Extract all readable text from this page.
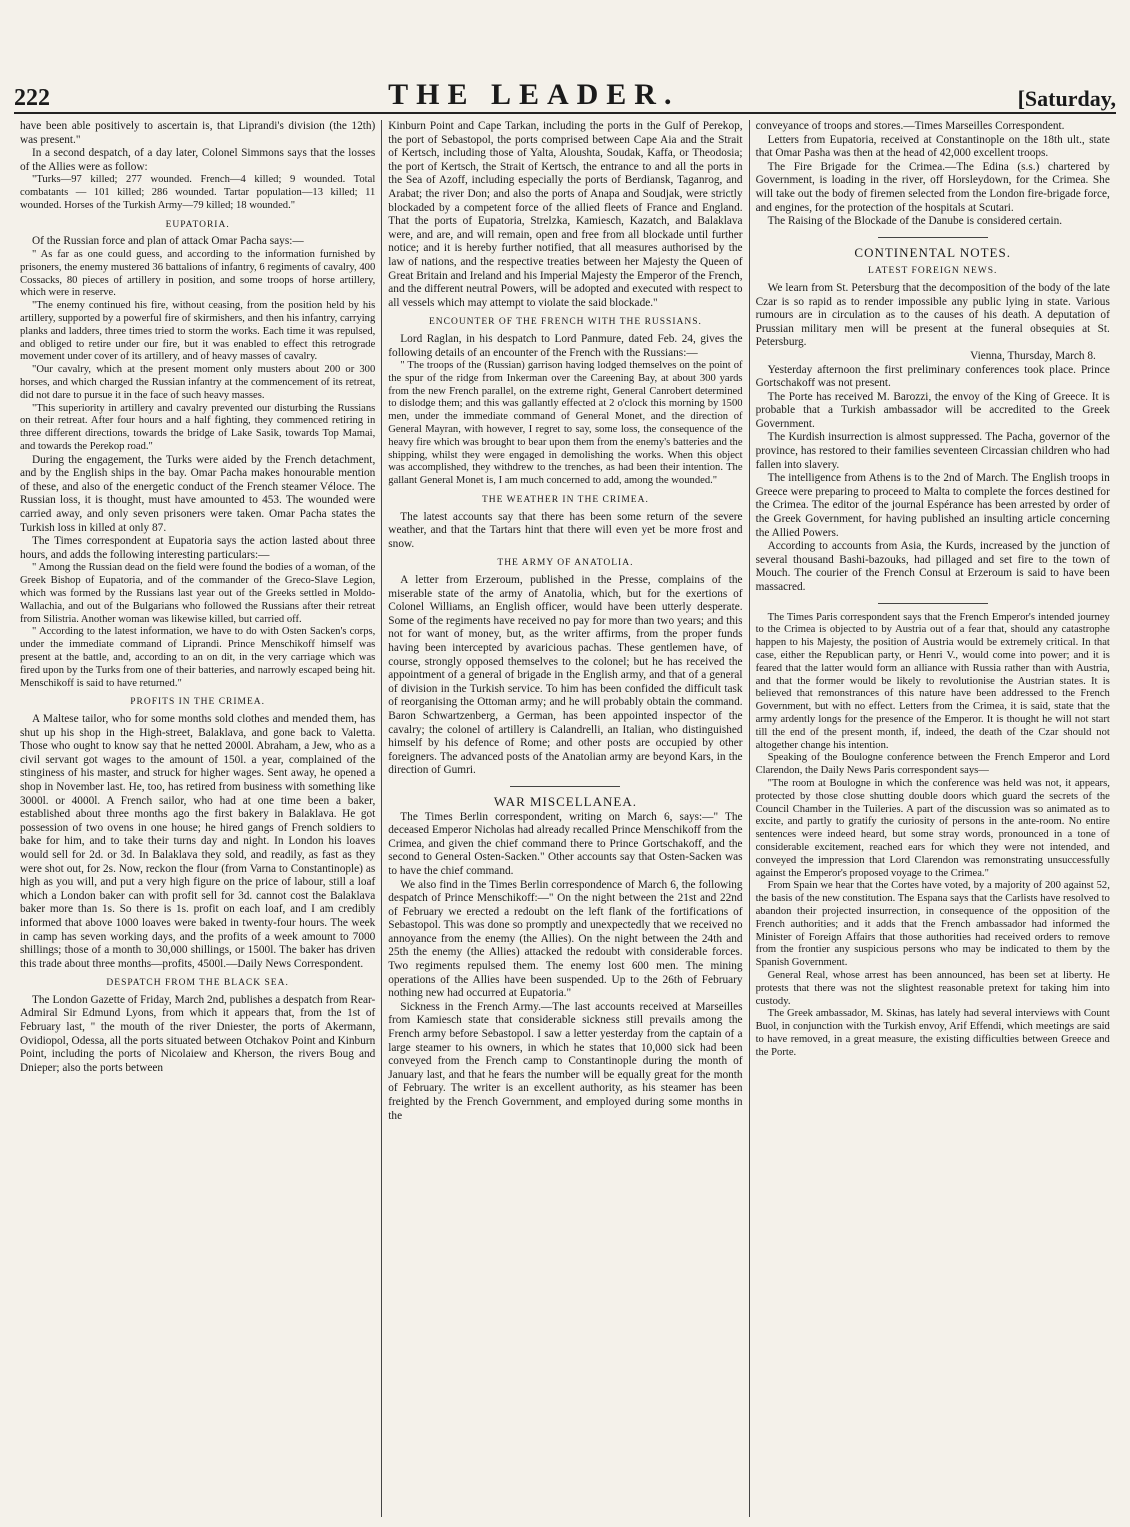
222	THE LEADER.	[Saturday,

have been able positively to ascertain is, that Liprandi's division (the 12th) was present."

In a second despatch, of a day later, Colonel Simmons says that the losses of the Allies were as follow:

"Turks—97 killed; 277 wounded. French—4 killed; 9 wounded. Total combatants — 101 killed; 286 wounded. Tartar population—13 killed; 11 wounded. Horses of the Turkish Army—79 killed; 18 wounded."

EUPATORIA.

Of the Russian force and plan of attack Omar Pacha says:—

" As far as one could guess, and according to the information furnished by prisoners, the enemy mustered 36 battalions of infantry, 6 regiments of cavalry, 400 Cossacks, 80 pieces of artillery in position, and some troops of horse artillery, which were in reserve.

"The enemy continued his fire, without ceasing, from the position held by his artillery, supported by a powerful fire of skirmishers, and then his infantry, carrying planks and ladders, three times tried to storm the works. Each time it was repulsed, and obliged to retire under our fire, but it was enabled to effect this retrograde movement under cover of its artillery, and of heavy masses of cavalry.

"Our cavalry, which at the present moment only musters about 200 or 300 horses, and which charged the Russian infantry at the commencement of its retreat, did not dare to pursue it in the face of such heavy masses.

"This superiority in artillery and cavalry prevented our disturbing the Russians on their retreat. After four hours and a half fighting, they commenced retiring in three different directions, towards the bridge of Lake Sasik, towards Top Mamai, and towards the Perekop road."

During the engagement, the Turks were aided by the French detachment, and by the English ships in the bay. Omar Pacha makes honourable mention of these, and also of the energetic conduct of the French steamer Véloce. The Russian loss, it is thought, must have amounted to 453. The wounded were carried away, and only seven prisoners were taken. Omar Pacha states the Turkish loss in killed at only 87.

The Times correspondent at Eupatoria says the action lasted about three hours, and adds the following interesting particulars:—

" Among the Russian dead on the field were found the bodies of a woman, of the Greek Bishop of Eupatoria, and of the commander of the Greco-Slave Legion, which was formed by the Russians last year out of the Greeks settled in Moldo-Wallachia, and out of the Bulgarians who followed the Russians after their retreat from Silistria. Another woman was likewise killed, but carried off.

" According to the latest information, we have to do with Osten Sacken's corps, under the immediate command of Liprandi. Prince Menschikoff himself was present at the battle, and, according to an on dit, in the very carriage which was fired upon by the Turks from one of their batteries, and narrowly escaped being hit. Menschikoff is said to have returned."

PROFITS IN THE CRIMEA.

A Maltese tailor, who for some months sold clothes and mended them, has shut up his shop in the High-street, Balaklava, and gone back to Valetta. Those who ought to know say that he netted 2000l. Abraham, a Jew, who as a civil servant got wages to the amount of 150l. a year, complained of the stinginess of his master, and struck for higher wages. Sent away, he opened a shop in November last. He, too, has retired from business with something like 3000l. or 4000l. A French sailor, who had at one time been a baker, established about three months ago the first bakery in Balaklava. He got possession of two ovens in one house; he hired gangs of French soldiers to bake for him, and to take their turns day and night. In London his loaves would sell for 2d. or 3d. In Balaklava they sold, and readily, as fast as they were shot out, for 2s. Now, reckon the flour (from Varna to Constantinople) as high as you will, and put a very high figure on the price of labour, still a loaf which a London baker can with profit sell for 3d. cannot cost the Balaklava baker more than 1s. So there is 1s. profit on each loaf, and I am credibly informed that above 1000 loaves were baked in twenty-four hours. The week in camp has seven working days, and the profits of a week amount to 7000 shillings; those of a month to 30,000 shillings, or 1500l. The baker has driven this trade about three months—profits, 4500l.—Daily News Correspondent.

DESPATCH FROM THE BLACK SEA.

The London Gazette of Friday, March 2nd, publishes a despatch from Rear-Admiral Sir Edmund Lyons, from which it appears that, from the 1st of February last, " the mouth of the river Dniester, the ports of Akermann, Ovidiopol, Odessa, all the ports situated between Otchakov Point and Kinburn Point, including the ports of Nicolaiew and Kherson, the rivers Boug and Dnieper; also the ports between

Kinburn Point and Cape Tarkan, including the ports in the Gulf of Perekop, the port of Sebastopol, the ports comprised between Cape Aia and the Strait of Kertsch, including those of Yalta, Aloushta, Soudak, Kaffa, or Theodosia; the port of Kertsch, the Strait of Kertsch, the entrance to and all the ports in the Sea of Azoff, including especially the ports of Berdiansk, Taganrog, and Arabat; the river Don; and also the ports of Anapa and Soudjak, were strictly blockaded by a competent force of the allied fleets of France and England. That the ports of Eupatoria, Strelzka, Kamiesch, Kazatch, and Balaklava were, and are, and will remain, open and free from all blockade until further notice; and it is hereby further notified, that all measures authorised by the law of nations, and the respective treaties between her Majesty the Queen of Great Britain and Ireland and his Imperial Majesty the Emperor of the French, and the different neutral Powers, will be adopted and executed with respect to all vessels which may attempt to violate the said blockade."

ENCOUNTER OF THE FRENCH WITH THE RUSSIANS.

Lord Raglan, in his despatch to Lord Panmure, dated Feb. 24, gives the following details of an encounter of the French with the Russians:—

" The troops of the (Russian) garrison having lodged themselves on the point of the spur of the ridge from Inkerman over the Careening Bay, at about 300 yards from the new French parallel, on the extreme right, General Canrobert determined to dislodge them; and this was gallantly effected at 2 o'clock this morning by 1500 men, under the immediate command of General Monet, and the direction of General Mayran, with however, I regret to say, some loss, the consequence of the heavy fire which was brought to bear upon them from the enemy's batteries and the shipping, whilst they were engaged in demolishing the works. When this object was accomplished, they withdrew to the trenches, as had been their intention. The gallant General Monet is, I am much concerned to add, among the wounded."

THE WEATHER IN THE CRIMEA.

The latest accounts say that there has been some return of the severe weather, and that the Tartars hint that there will even yet be more frost and snow.

THE ARMY OF ANATOLIA.

A letter from Erzeroum, published in the Presse, complains of the miserable state of the army of Anatolia, which, but for the exertions of Colonel Williams, an English officer, would have been utterly desperate. Some of the regiments have received no pay for more than two years; and this not for want of money, but, as the writer affirms, from the proper funds having been intercepted by avaricious pachas. These gentlemen have, of course, strongly opposed themselves to the colonel; but he has received the appointment of a general of brigade in the English army, and that of a general of division in the Turkish service. To him has been confided the difficult task of reorganising the Ottoman army; and he will probably obtain the command. Baron Schwartzenberg, a German, has been appointed inspector of the cavalry; the colonel of artillery is Calandrelli, an Italian, who distinguished himself by his defence of Rome; and other posts are occupied by other foreigners. The advanced posts of the Anatolian army are beyond Kars, in the direction of Gumri.

WAR MISCELLANEA.

The Times Berlin correspondent, writing on March 6, says:—" The deceased Emperor Nicholas had already recalled Prince Menschikoff from the Crimea, and given the chief command there to Prince Gortschakoff, and the second to General Osten-Sacken." Other accounts say that Osten-Sacken was to have the chief command.

We also find in the Times Berlin correspondence of March 6, the following despatch of Prince Menschikoff:—" On the night between the 21st and 22nd of February we erected a redoubt on the left flank of the fortifications of Sebastopol. This was done so promptly and unexpectedly that we received no annoyance from the enemy (the Allies). On the night between the 24th and 25th the enemy (the Allies) attacked the redoubt with considerable forces. Two regiments repulsed them. The enemy lost 600 men. The mining operations of the Allies have been suspended. Up to the 26th of February nothing new had occurred at Eupatoria."

Sickness in the French Army.—The last accounts received at Marseilles from Kamiesch state that considerable sickness still prevails among the French army before Sebastopol. I saw a letter yesterday from the captain of a large steamer to his owners, in which he states that 10,000 sick had been conveyed from the French camp to Constantinople during the month of January last, and that he fears the number will be equally great for the month of February. The writer is an excellent authority, as his steamer has been freighted by the French Government, and employed during some months in the

conveyance of troops and stores.—Times Marseilles Correspondent.

Letters from Eupatoria, received at Constantinople on the 18th ult., state that Omar Pasha was then at the head of 42,000 excellent troops.

The Fire Brigade for the Crimea.—The Edina (s.s.) chartered by Government, is loading in the river, off Horsleydown, for the Crimea. She will take out the body of firemen selected from the London fire-brigade force, and engines, for the protection of the hospitals at Scutari.

The Raising of the Blockade of the Danube is considered certain.

CONTINENTAL NOTES.
LATEST FOREIGN NEWS.

We learn from St. Petersburg that the decomposition of the body of the late Czar is so rapid as to render impossible any public lying in state. Various rumours are in circulation as to the causes of his death. A deputation of Prussian military men will be present at the funeral obsequies at St. Petersburg.

Vienna, Thursday, March 8.

Yesterday afternoon the first preliminary conferences took place. Prince Gortschakoff was not present.

The Porte has received M. Barozzi, the envoy of the King of Greece. It is probable that a Turkish ambassador will be accredited to the Greek Government.

The Kurdish insurrection is almost suppressed. The Pacha, governor of the province, has restored to their families seventeen Circassian children who had fallen into slavery.

The intelligence from Athens is to the 2nd of March. The English troops in Greece were preparing to proceed to Malta to complete the forces destined for the Crimea. The editor of the journal Espérance has been arrested by order of the Greek Government, for having published an insulting article concerning the Allied Powers.

According to accounts from Asia, the Kurds, increased by the junction of several thousand Bashi-bazouks, had pillaged and set fire to the town of Mouch. The courier of the French Consul at Erzeroum is said to have been massacred.

The Times Paris correspondent says that the French Emperor's intended journey to the Crimea is objected to by Austria out of a fear that, should any catastrophe happen to his Majesty, the position of Austria would be extremely critical. In that case, either the Republican party, or Henri V., would come into power; and it is feared that the latter would form an alliance with Russia rather than with Austria, and that the former would be likely to revolutionise the Austrian states. It is believed that remonstrances of this nature have been addressed to the French Government, but with no effect. Letters from the Crimea, it is said, state that the army ardently longs for the presence of the Emperor. It is thought he will not start till the end of the present month, if, indeed, the death of the Czar should not altogether change his intention.

Speaking of the Boulogne conference between the French Emperor and Lord Clarendon, the Daily News Paris correspondent says—

"The room at Boulogne in which the conference was held was not, it appears, protected by those close shutting double doors which guard the secrets of the Council Chamber in the Tuileries. A part of the discussion was so animated as to excite, and partly to gratify the curiosity of persons in the ante-room. No entire sentences were indeed heard, but some stray words, pronounced in a tone of considerable excitement, reached ears for which they were not intended, and conveyed the impression that Lord Clarendon was remonstrating unsuccessfully against the Emperor's proposed voyage to the Crimea."

From Spain we hear that the Cortes have voted, by a majority of 200 against 52, the basis of the new constitution. The Espana says that the Carlists have resolved to abandon their projected insurrection, in consequence of the opposition of the French authorities; and it adds that the French ambassador had informed the Minister of Foreign Affairs that those authorities had received orders to remove from the frontier any suspicious persons who may be indicated to them by the Spanish Government.

General Real, whose arrest has been announced, has been set at liberty. He protests that there was not the slightest reasonable pretext for taking him into custody.

The Greek ambassador, M. Skinas, has lately had several interviews with Count Buol, in conjunction with the Turkish envoy, Arif Effendi, which meetings are said to have removed, in a great measure, the existing difficulties between Greece and the Porte.
